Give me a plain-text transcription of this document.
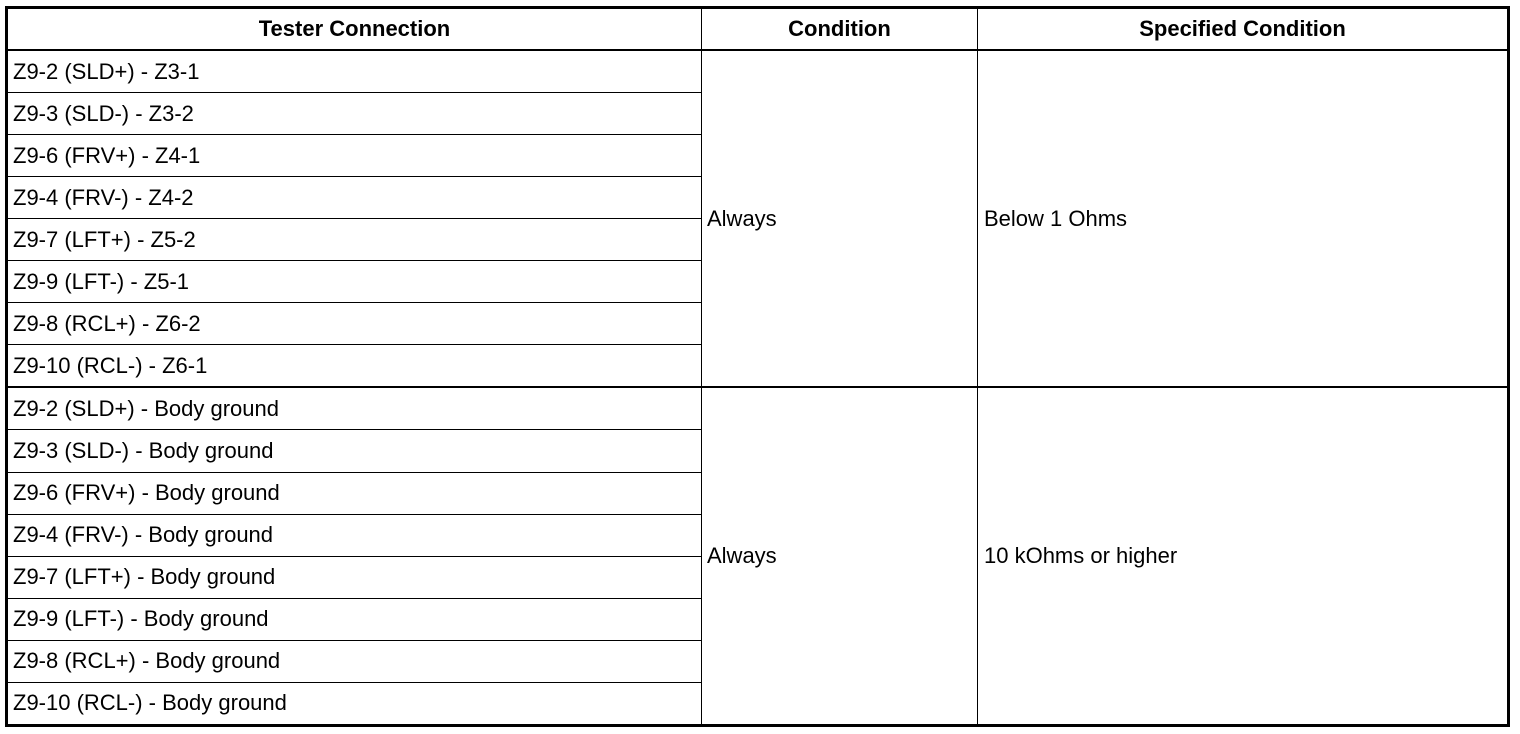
Tester Connection	Condition	Specified Condition
Z9-2 (SLD+) - Z3-1	Always	Below 1 Ohms
Z9-3 (SLD-) - Z3-2		
Z9-6 (FRV+) - Z4-1		
Z9-4 (FRV-) - Z4-2		
Z9-7 (LFT+) - Z5-2		
Z9-9 (LFT-) - Z5-1		
Z9-8 (RCL+) - Z6-2		
Z9-10 (RCL-) - Z6-1		
Z9-2 (SLD+) - Body ground	Always	10 kOhms or higher
Z9-3 (SLD-) - Body ground		
Z9-6 (FRV+) - Body ground		
Z9-4 (FRV-) - Body ground		
Z9-7 (LFT+) - Body ground		
Z9-9 (LFT-) - Body ground		
Z9-8 (RCL+) - Body ground		
Z9-10 (RCL-) - Body ground		
